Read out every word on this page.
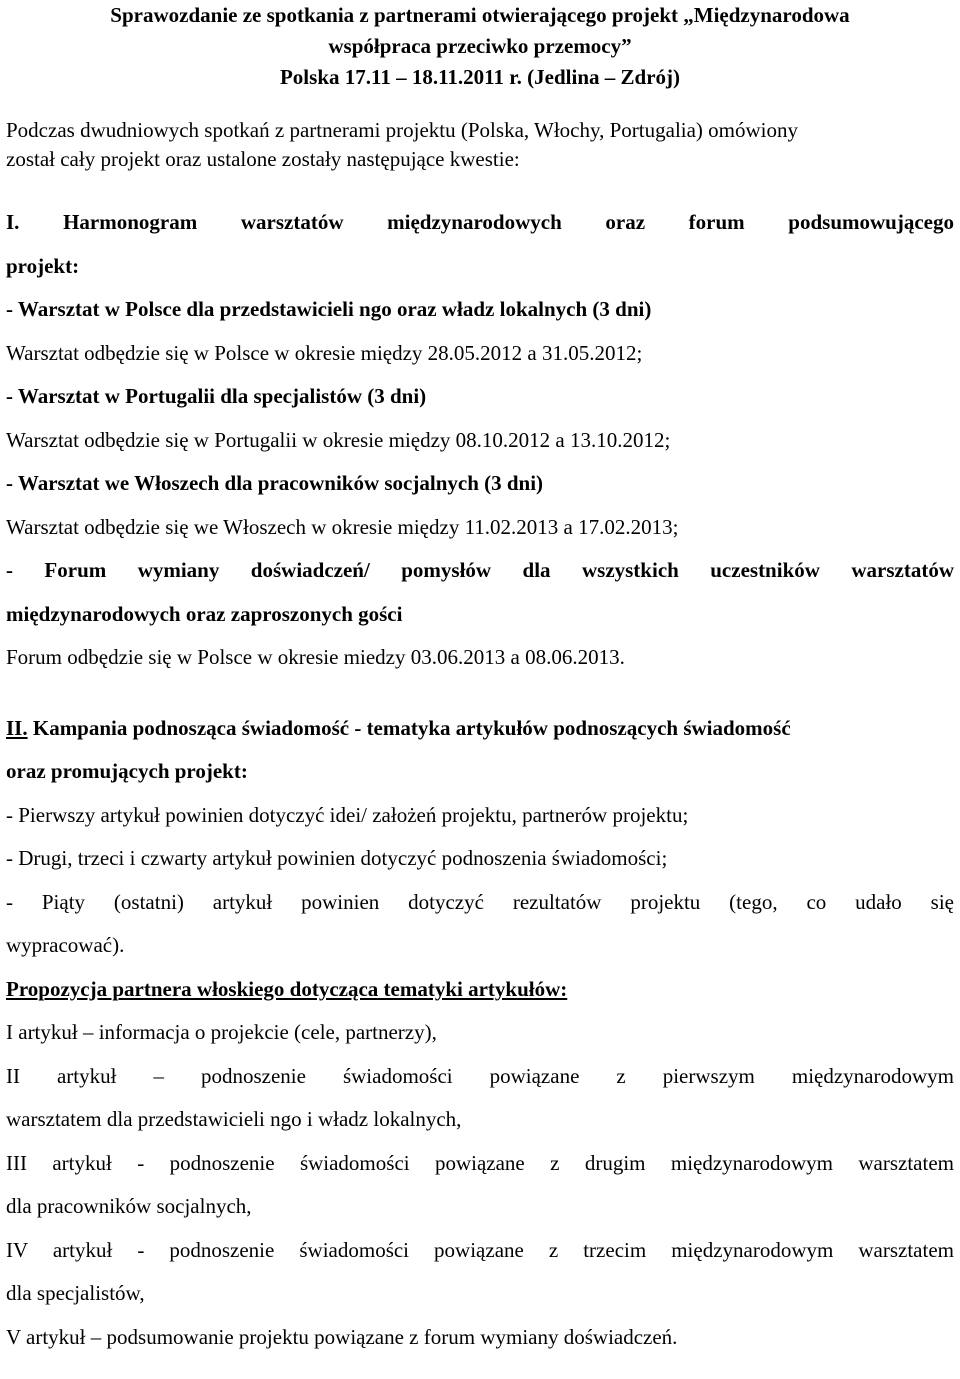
Sprawozdanie ze spotkania z partnerami otwierającego projekt „Międzynarodowa
współpraca przeciwko przemocy”
Polska 17.11 – 18.11.2011 r. (Jedlina – Zdrój)
Podczas dwudniowych spotkań z partnerami projektu (Polska, Włochy, Portugalia) omówiony
został cały projekt oraz ustalone zostały następujące kwestie:
I. Harmonogram warsztatów międzynarodowych oraz forum podsumowującego
projekt:
- Warsztat w Polsce dla przedstawicieli ngo oraz władz lokalnych (3 dni)
Warsztat odbędzie się w Polsce w okresie między 28.05.2012 a 31.05.2012;
- Warsztat w Portugalii dla specjalistów (3 dni)
Warsztat odbędzie się w Portugalii w okresie między 08.10.2012 a 13.10.2012;
- Warsztat we Włoszech dla pracowników socjalnych (3 dni)
Warsztat odbędzie się we Włoszech w okresie między 11.02.2013 a 17.02.2013;
- Forum wymiany doświadczeń/ pomysłów dla wszystkich uczestników warsztatów
międzynarodowych oraz zaproszonych gości
Forum odbędzie się w Polsce w okresie miedzy 03.06.2013 a 08.06.2013.
II. Kampania podnosząca świadomość - tematyka artykułów podnoszących świadomość
oraz promujących projekt:
- Pierwszy artykuł powinien dotyczyć idei/ założeń projektu, partnerów projektu;
- Drugi, trzeci i czwarty artykuł powinien dotyczyć podnoszenia świadomości;
- Piąty (ostatni) artykuł powinien dotyczyć rezultatów projektu (tego, co udało się
wypracować).
Propozycja partnera włoskiego dotycząca tematyki artykułów:
I artykuł – informacja o projekcie (cele, partnerzy),
II artykuł – podnoszenie świadomości powiązane z pierwszym międzynarodowym
warsztatem dla przedstawicieli ngo i władz lokalnych,
III artykuł - podnoszenie świadomości powiązane z drugim międzynarodowym warsztatem
dla pracowników socjalnych,
IV artykuł - podnoszenie świadomości powiązane z trzecim międzynarodowym warsztatem
dla specjalistów,
V artykuł – podsumowanie projektu powiązane z forum wymiany doświadczeń.
